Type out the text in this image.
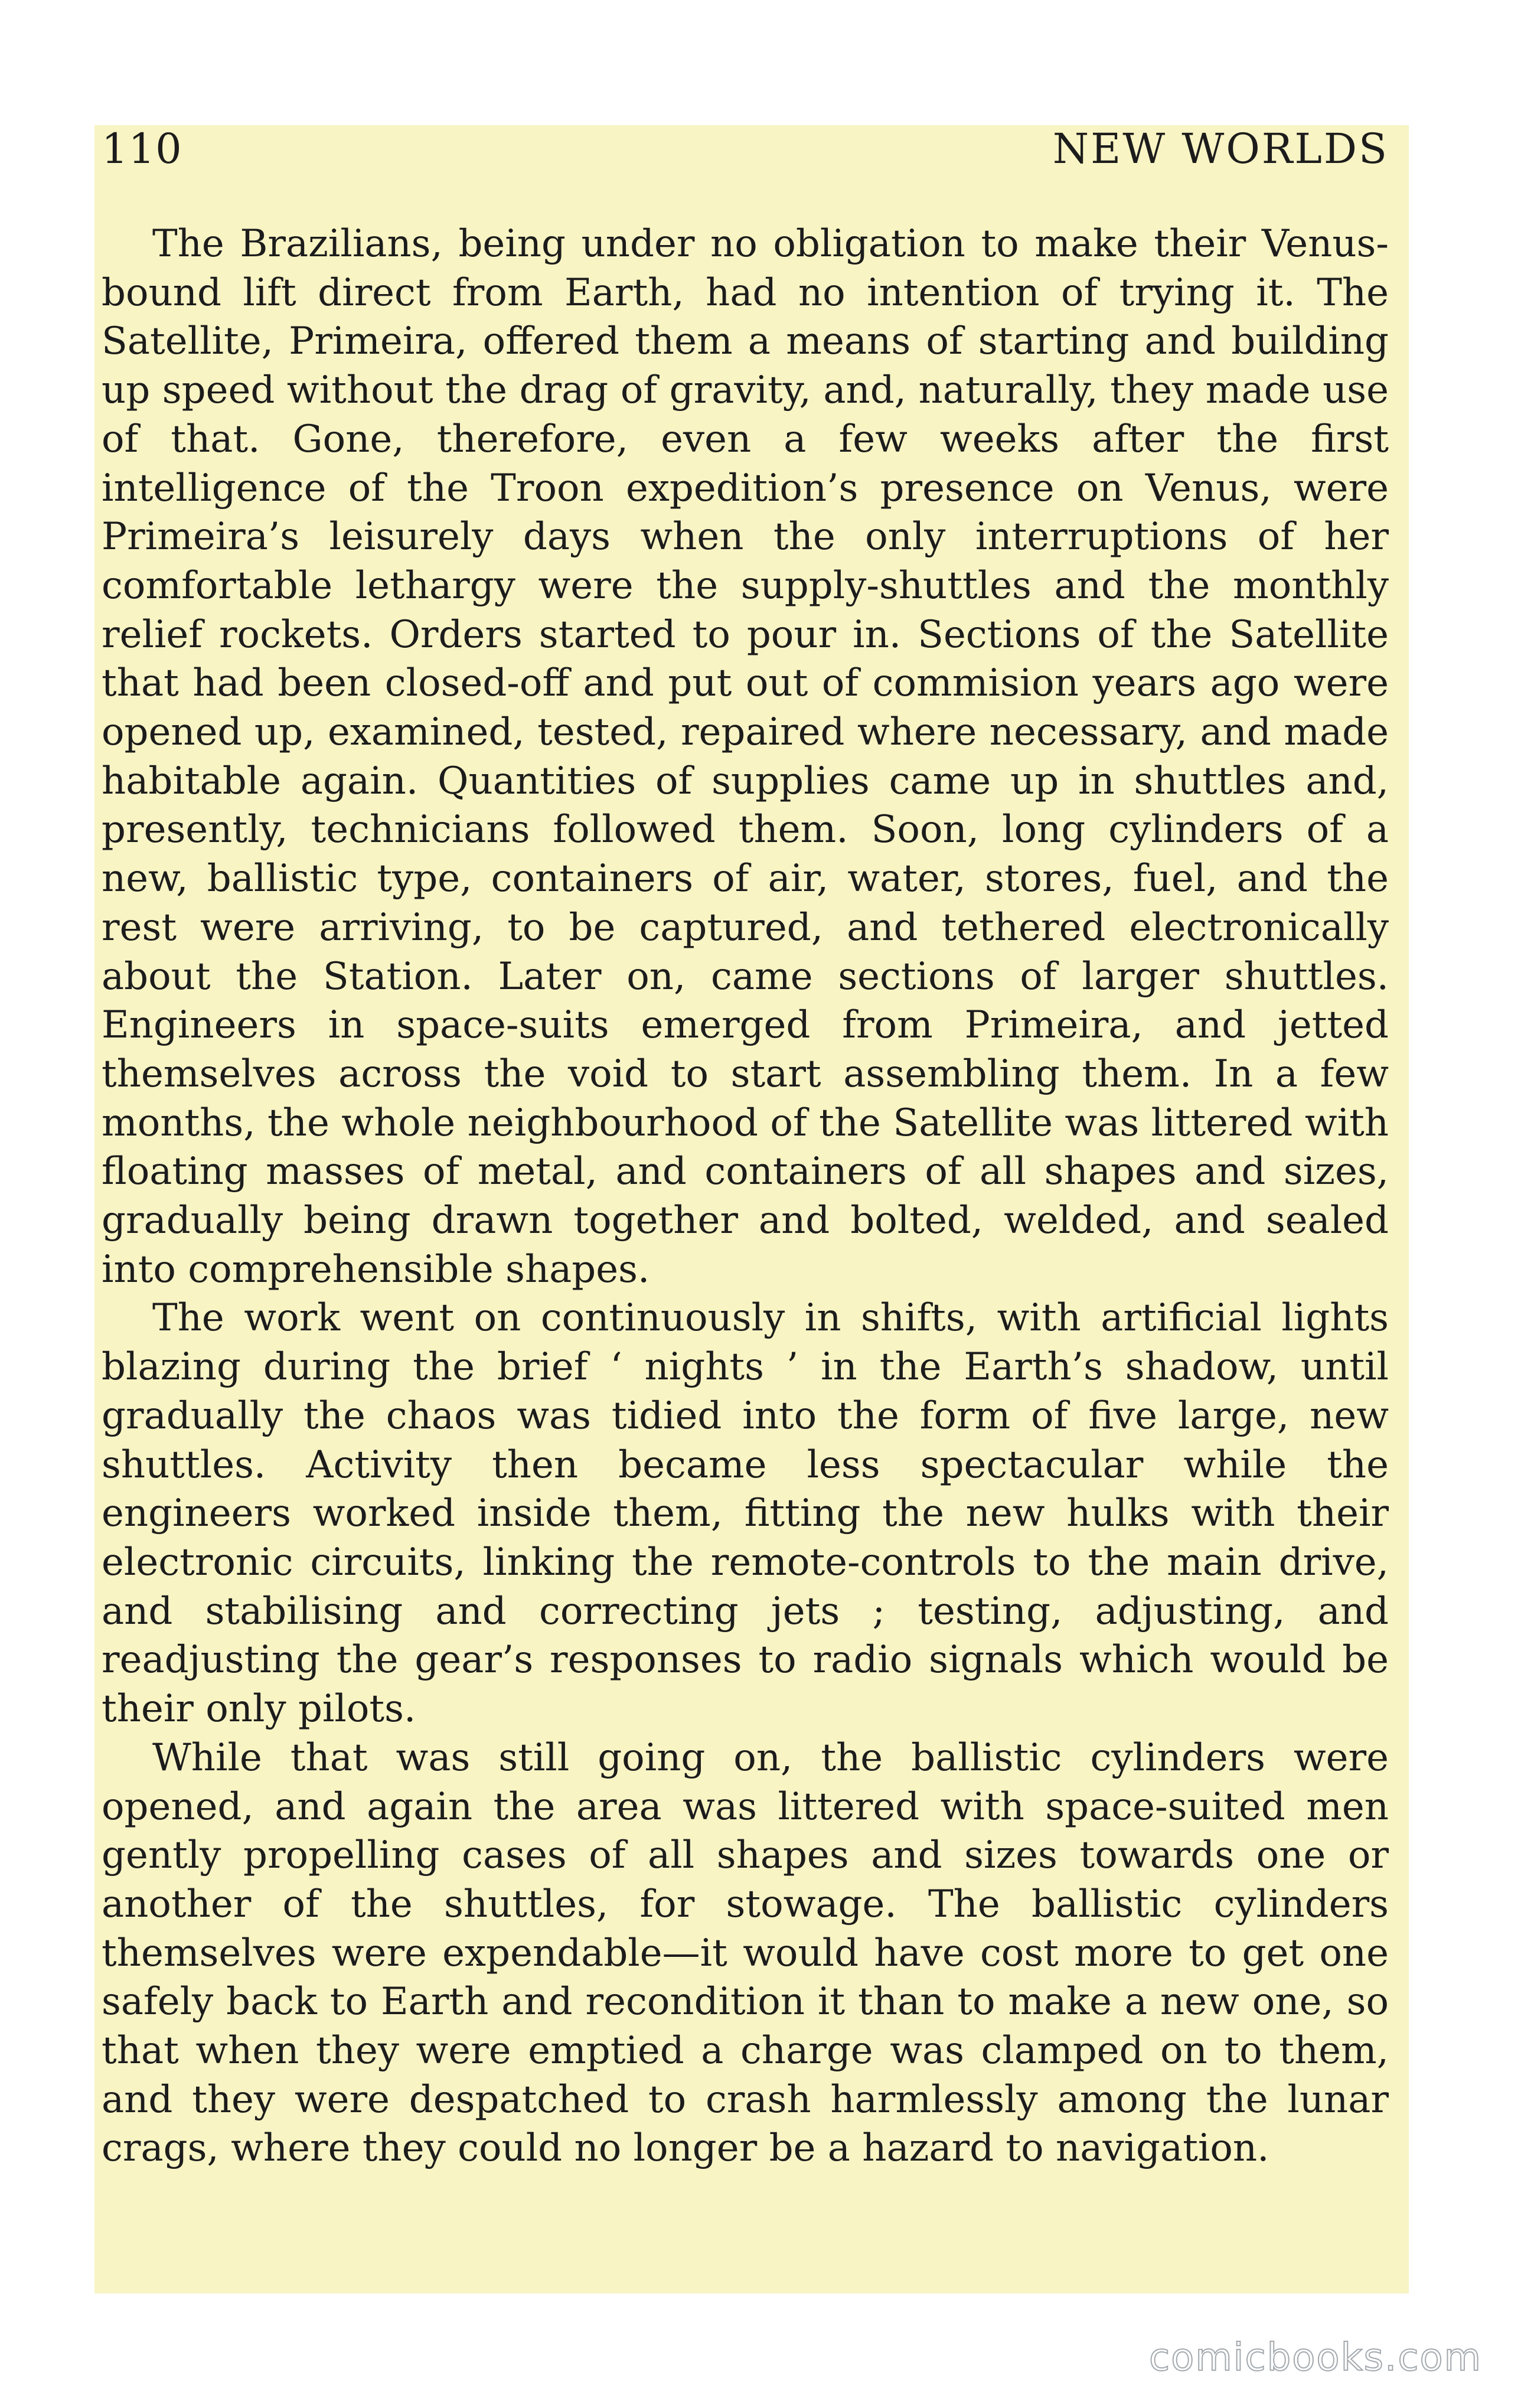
110	NEW WORLDS

The Brazilians, being under no obligation to make their Venus-bound lift direct from Earth, had no intention of trying it. The Satellite, Primeira, offered them a means of starting and building up speed without the drag of gravity, and, naturally, they made use of that. Gone, therefore, even a few weeks after the first intelligence of the Troon expedition’s presence on Venus, were Primeira’s leisurely days when the only interruptions of her comfortable lethargy were the supply-shuttles and the monthly relief rockets. Orders started to pour in. Sections of the Satellite that had been closed-off and put out of commision years ago were opened up, examined, tested, repaired where necessary, and made habitable again. Quantities of supplies came up in shuttles and, presently, technicians followed them. Soon, long cylinders of a new, ballistic type, containers of air, water, stores, fuel, and the rest were arriving, to be captured, and tethered electronically about the Station. Later on, came sections of larger shuttles. Engineers in space-suits emerged from Primeira, and jetted themselves across the void to start assembling them. In a few months, the whole neighbourhood of the Satellite was littered with floating masses of metal, and containers of all shapes and sizes, gradually being drawn together and bolted, welded, and sealed into comprehensible shapes.

The work went on continuously in shifts, with artificial lights blazing during the brief ‘ nights ’ in the Earth’s shadow, until gradually the chaos was tidied into the form of five large, new shuttles. Activity then became less spectacular while the engineers worked inside them, fitting the new hulks with their electronic circuits, linking the remote-controls to the main drive, and stabilising and correcting jets ; testing, adjusting, and readjusting the gear’s responses to radio signals which would be their only pilots.

While that was still going on, the ballistic cylinders were opened, and again the area was littered with space-suited men gently propelling cases of all shapes and sizes towards one or another of the shuttles, for stowage. The ballistic cylinders themselves were expendable—it would have cost more to get one safely back to Earth and recondition it than to make a new one, so that when they were emptied a charge was clamped on to them, and they were despatched to crash harmlessly among the lunar crags, where they could no longer be a hazard to navigation.

comicbooks.com
